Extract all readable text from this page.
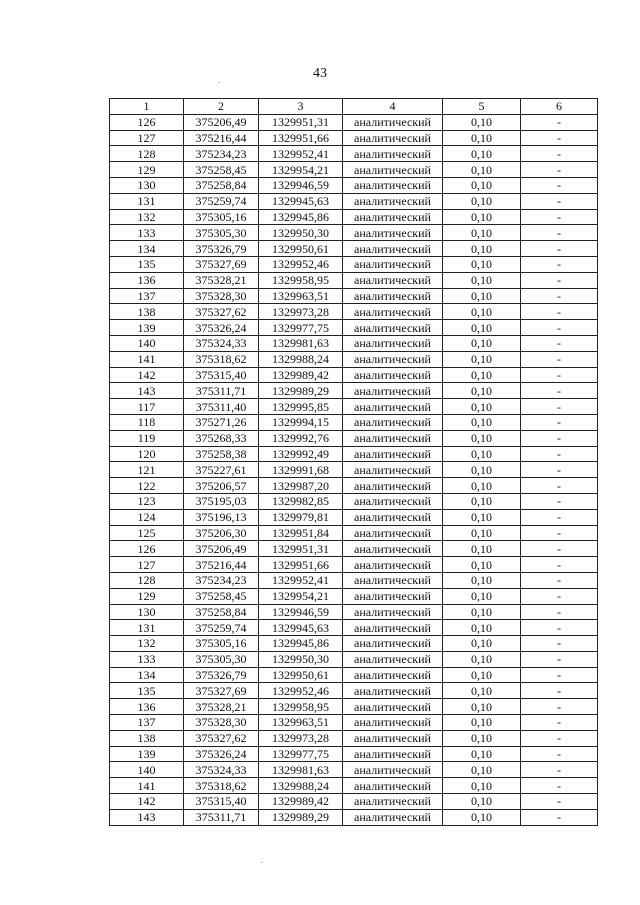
43
1	2	3	4	5	6
126	375206,49	1329951,31	аналитический	0,10	-
127	375216,44	1329951,66	аналитический	0,10	-
128	375234,23	1329952,41	аналитический	0,10	-
129	375258,45	1329954,21	аналитический	0,10	-
130	375258,84	1329946,59	аналитический	0,10	-
131	375259,74	1329945,63	аналитический	0,10	-
132	375305,16	1329945,86	аналитический	0,10	-
133	375305,30	1329950,30	аналитический	0,10	-
134	375326,79	1329950,61	аналитический	0,10	-
135	375327,69	1329952,46	аналитический	0,10	-
136	375328,21	1329958,95	аналитический	0,10	-
137	375328,30	1329963,51	аналитический	0,10	-
138	375327,62	1329973,28	аналитический	0,10	-
139	375326,24	1329977,75	аналитический	0,10	-
140	375324,33	1329981,63	аналитический	0,10	-
141	375318,62	1329988,24	аналитический	0,10	-
142	375315,40	1329989,42	аналитический	0,10	-
143	375311,71	1329989,29	аналитический	0,10	-
117	375311,40	1329995,85	аналитический	0,10	-
118	375271,26	1329994,15	аналитический	0,10	-
119	375268,33	1329992,76	аналитический	0,10	-
120	375258,38	1329992,49	аналитический	0,10	-
121	375227,61	1329991,68	аналитический	0,10	-
122	375206,57	1329987,20	аналитический	0,10	-
123	375195,03	1329982,85	аналитический	0,10	-
124	375196,13	1329979,81	аналитический	0,10	-
125	375206,30	1329951,84	аналитический	0,10	-
126	375206,49	1329951,31	аналитический	0,10	-
127	375216,44	1329951,66	аналитический	0,10	-
128	375234,23	1329952,41	аналитический	0,10	-
129	375258,45	1329954,21	аналитический	0,10	-
130	375258,84	1329946,59	аналитический	0,10	-
131	375259,74	1329945,63	аналитический	0,10	-
132	375305,16	1329945,86	аналитический	0,10	-
133	375305,30	1329950,30	аналитический	0,10	-
134	375326,79	1329950,61	аналитический	0,10	-
135	375327,69	1329952,46	аналитический	0,10	-
136	375328,21	1329958,95	аналитический	0,10	-
137	375328,30	1329963,51	аналитический	0,10	-
138	375327,62	1329973,28	аналитический	0,10	-
139	375326,24	1329977,75	аналитический	0,10	-
140	375324,33	1329981,63	аналитический	0,10	-
141	375318,62	1329988,24	аналитический	0,10	-
142	375315,40	1329989,42	аналитический	0,10	-
143	375311,71	1329989,29	аналитический	0,10	-
